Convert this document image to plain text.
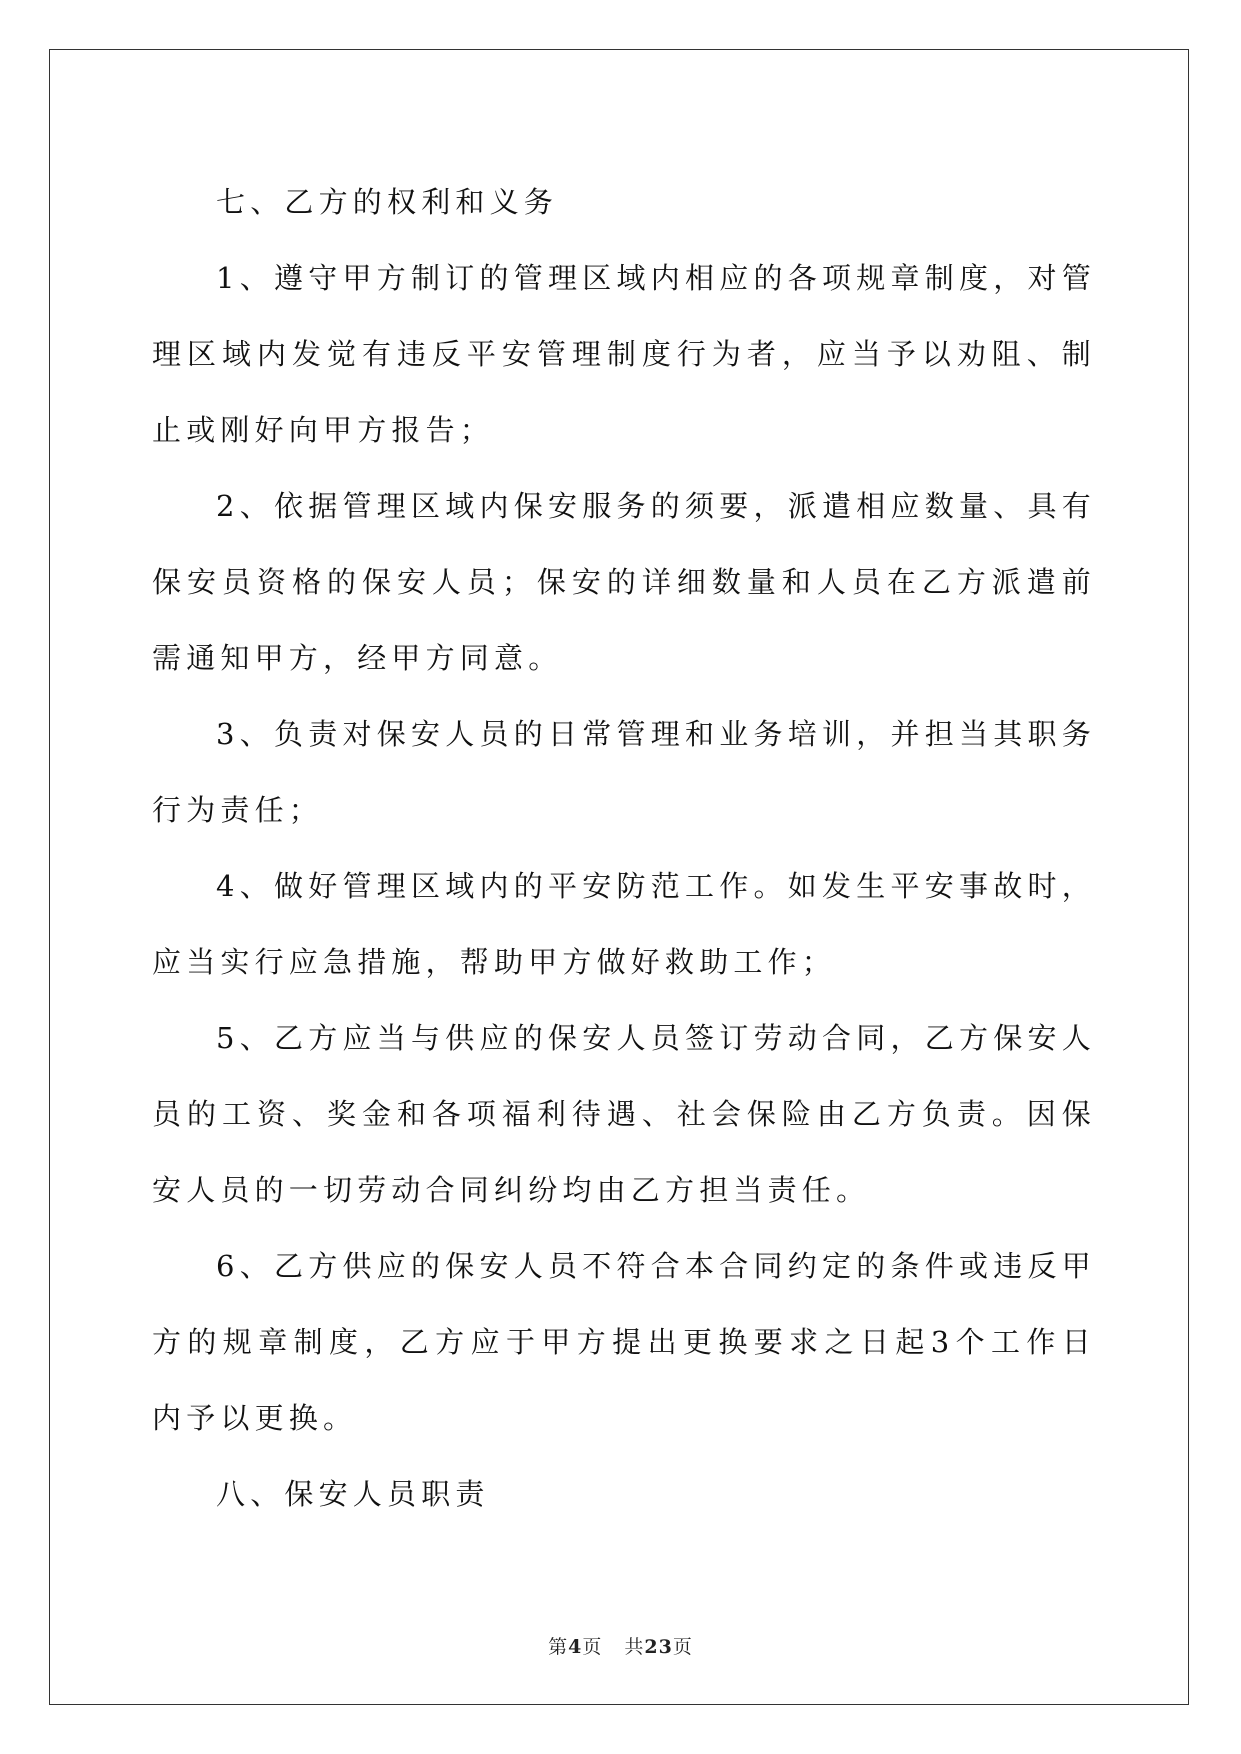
七、乙方的权利和义务

1、遵守甲方制订的管理区域内相应的各项规章制度，对管理区域内发觉有违反平安管理制度行为者，应当予以劝阻、制止或刚好向甲方报告；

2、依据管理区域内保安服务的须要，派遣相应数量、具有保安员资格的保安人员；保安的详细数量和人员在乙方派遣前需通知甲方，经甲方同意。

3、负责对保安人员的日常管理和业务培训，并担当其职务行为责任；

4、做好管理区域内的平安防范工作。如发生平安事故时，应当实行应急措施，帮助甲方做好救助工作；

5、乙方应当与供应的保安人员签订劳动合同，乙方保安人员的工资、奖金和各项福利待遇、社会保险由乙方负责。因保安人员的一切劳动合同纠纷均由乙方担当责任。

6、乙方供应的保安人员不符合本合同约定的条件或违反甲方的规章制度，乙方应于甲方提出更换要求之日起3个工作日内予以更换。

八、保安人员职责

第4页 共23页
